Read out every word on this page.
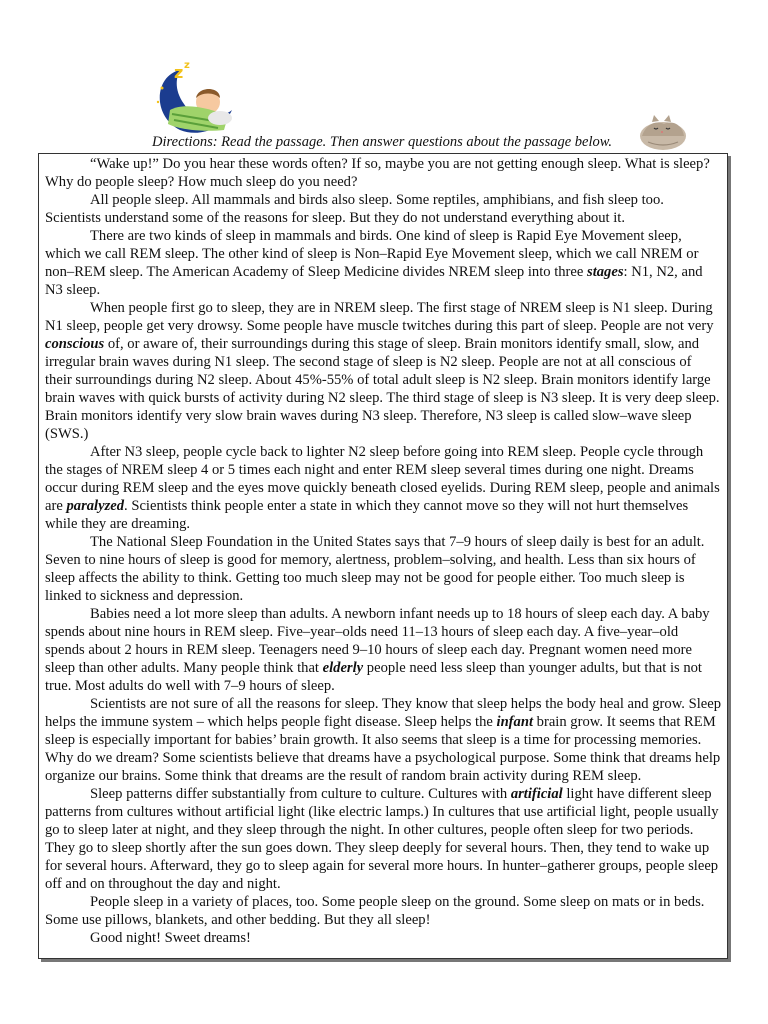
z z
Directions: Read the passage. Then answer questions about the passage below.

“Wake up!” Do you hear these words often? If so, maybe you are not getting enough sleep. What is sleep? Why do people sleep? How much sleep do you need?

All people sleep. All mammals and birds also sleep. Some reptiles, amphibians, and fish sleep too. Scientists understand some of the reasons for sleep. But they do not understand everything about it.

There are two kinds of sleep in mammals and birds. One kind of sleep is Rapid Eye Movement sleep, which we call REM sleep. The other kind of sleep is Non–Rapid Eye Movement sleep, which we call NREM or non–REM sleep. The American Academy of Sleep Medicine divides NREM sleep into three stages: N1, N2, and N3 sleep.

When people first go to sleep, they are in NREM sleep. The first stage of NREM sleep is N1 sleep. During N1 sleep, people get very drowsy. Some people have muscle twitches during this part of sleep. People are not very conscious of, or aware of, their surroundings during this stage of sleep. Brain monitors identify small, slow, and irregular brain waves during N1 sleep. The second stage of sleep is N2 sleep. People are not at all conscious of their surroundings during N2 sleep. About 45%-55% of total adult sleep is N2 sleep. Brain monitors identify large brain waves with quick bursts of activity during N2 sleep. The third stage of sleep is N3 sleep. It is very deep sleep. Brain monitors identify very slow brain waves during N3 sleep. Therefore, N3 sleep is called slow–wave sleep (SWS.)

After N3 sleep, people cycle back to lighter N2 sleep before going into REM sleep. People cycle through the stages of NREM sleep 4 or 5 times each night and enter REM sleep several times during one night. Dreams occur during REM sleep and the eyes move quickly beneath closed eyelids. During REM sleep, people and animals are paralyzed. Scientists think people enter a state in which they cannot move so they will not hurt themselves while they are dreaming.

The National Sleep Foundation in the United States says that 7–9 hours of sleep daily is best for an adult. Seven to nine hours of sleep is good for memory, alertness, problem–solving, and health. Less than six hours of sleep affects the ability to think. Getting too much sleep may not be good for people either. Too much sleep is linked to sickness and depression.

Babies need a lot more sleep than adults. A newborn infant needs up to 18 hours of sleep each day. A baby spends about nine hours in REM sleep. Five–year–olds need 11–13 hours of sleep each day. A five–year–old spends about 2 hours in REM sleep. Teenagers need 9–10 hours of sleep each day. Pregnant women need more sleep than other adults. Many people think that elderly people need less sleep than younger adults, but that is not true. Most adults do well with 7–9 hours of sleep.

Scientists are not sure of all the reasons for sleep. They know that sleep helps the body heal and grow. Sleep helps the immune system – which helps people fight disease. Sleep helps the infant brain grow. It seems that REM sleep is especially important for babies’ brain growth. It also seems that sleep is a time for processing memories. Why do we dream? Some scientists believe that dreams have a psychological purpose. Some think that dreams help organize our brains. Some think that dreams are the result of random brain activity during REM sleep.

Sleep patterns differ substantially from culture to culture. Cultures with artificial light have different sleep patterns from cultures without artificial light (like electric lamps.) In cultures that use artificial light, people usually go to sleep later at night, and they sleep through the night. In other cultures, people often sleep for two periods. They go to sleep shortly after the sun goes down. They sleep deeply for several hours. Then, they tend to wake up for several hours. Afterward, they go to sleep again for several more hours. In hunter–gatherer groups, people sleep off and on throughout the day and night.

People sleep in a variety of places, too. Some people sleep on the ground. Some sleep on mats or in beds. Some use pillows, blankets, and other bedding. But they all sleep!

Good night! Sweet dreams!
